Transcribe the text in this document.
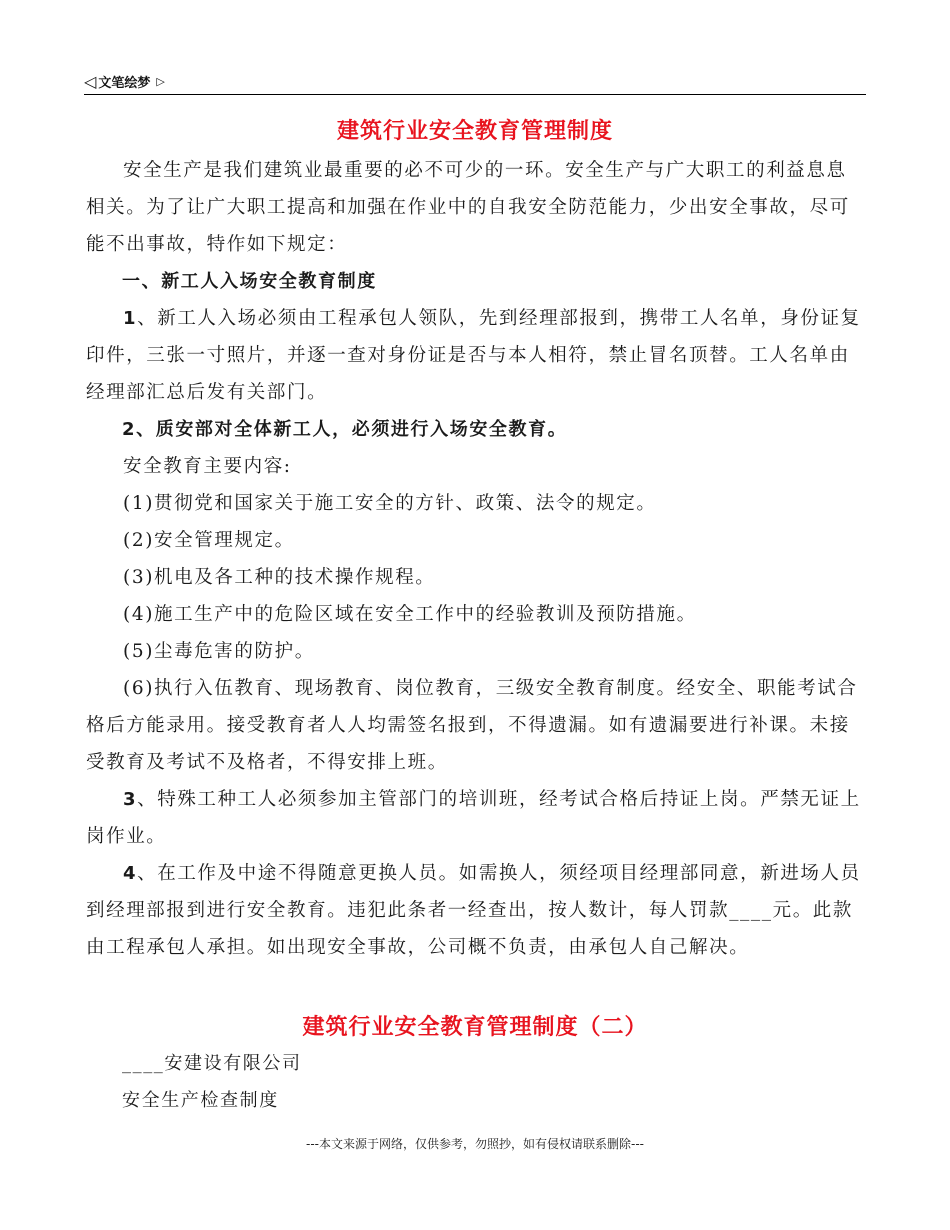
◁ 文笔绘梦 ▷
建筑行业安全教育管理制度

安全生产是我们建筑业最重要的必不可少的一环。安全生产与广大职工的利益息息相关。为了让广大职工提高和加强在作业中的自我安全防范能力，少出安全事故，尽可能不出事故，特作如下规定：

一、新工人入场安全教育制度

1、新工人入场必须由工程承包人领队，先到经理部报到，携带工人名单，身份证复印件，三张一寸照片，并逐一查对身份证是否与本人相符，禁止冒名顶替。工人名单由经理部汇总后发有关部门。

2、质安部对全体新工人，必须进行入场安全教育。

安全教育主要内容:

(1)贯彻党和国家关于施工安全的方针、政策、法令的规定。

(2)安全管理规定。

(3)机电及各工种的技术操作规程。

(4)施工生产中的危险区域在安全工作中的经验教训及预防措施。

(5)尘毒危害的防护。

(6)执行入伍教育、现场教育、岗位教育，三级安全教育制度。经安全、职能考试合格后方能录用。接受教育者人人均需签名报到，不得遗漏。如有遗漏要进行补课。未接受教育及考试不及格者，不得安排上班。

3、特殊工种工人必须参加主管部门的培训班，经考试合格后持证上岗。严禁无证上岗作业。

4、在工作及中途不得随意更换人员。如需换人，须经项目经理部同意，新进场人员到经理部报到进行安全教育。违犯此条者一经查出，按人数计，每人罚款____元。此款由工程承包人承担。如出现安全事故，公司概不负责，由承包人自己解决。

建筑行业安全教育管理制度（二）

____安建设有限公司

安全生产检查制度

---本文来源于网络，仅供参考，勿照抄，如有侵权请联系删除---
